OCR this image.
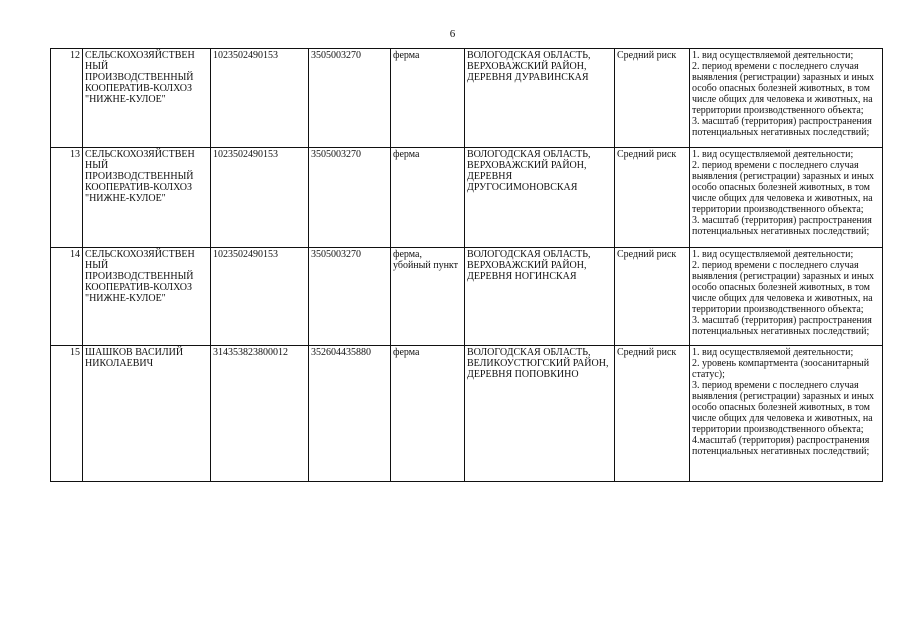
6
12	СЕЛЬСКОХОЗЯЙСТВЕН НЫЙ ПРОИЗВОДСТВЕННЫЙ КООПЕРАТИВ-КОЛХОЗ "НИЖНЕ-КУЛОЕ"	1023502490153	3505003270	ферма	ВОЛОГОДСКАЯ ОБЛАСТЬ, ВЕРХОВАЖСКИЙ РАЙОН, ДЕРЕВНЯ ДУРАВИНСКАЯ	Средний риск	1. вид осуществляемой деятельности;
2. период времени с последнего случая выявления (регистрации) заразных и иных особо опасных болезней животных, в том числе общих для человека и животных, на территории производственного объекта;
3. масштаб (территория) распространения потенциальных негативных последствий;

13	СЕЛЬСКОХОЗЯЙСТВЕН НЫЙ ПРОИЗВОДСТВЕННЫЙ КООПЕРАТИВ-КОЛХОЗ "НИЖНЕ-КУЛОЕ"	1023502490153	3505003270	ферма	ВОЛОГОДСКАЯ ОБЛАСТЬ, ВЕРХОВАЖСКИЙ РАЙОН, ДЕРЕВНЯ ДРУГОСИМОНОВСКАЯ	Средний риск	1. вид осуществляемой деятельности;
2. период времени с последнего случая выявления (регистрации) заразных и иных особо опасных болезней животных, в том числе общих для человека и животных, на территории производственного объекта;
3. масштаб (территория) распространения потенциальных негативных последствий;

14	СЕЛЬСКОХОЗЯЙСТВЕН НЫЙ ПРОИЗВОДСТВЕННЫЙ КООПЕРАТИВ-КОЛХОЗ "НИЖНЕ-КУЛОЕ"	1023502490153	3505003270	ферма, убойный пункт	ВОЛОГОДСКАЯ ОБЛАСТЬ, ВЕРХОВАЖСКИЙ РАЙОН, ДЕРЕВНЯ НОГИНСКАЯ	Средний риск	1. вид осуществляемой деятельности;
2. период времени с последнего случая выявления (регистрации) заразных и иных особо опасных болезней животных, в том числе общих для человека и животных, на территории производственного объекта;
3. масштаб (территория) распространения потенциальных негативных последствий;

15	ШАШКОВ ВАСИЛИЙ НИКОЛАЕВИЧ	314353823800012	352604435880	ферма	ВОЛОГОДСКАЯ ОБЛАСТЬ, ВЕЛИКОУСТЮГСКИЙ РАЙОН, ДЕРЕВНЯ ПОПОВКИНО	Средний риск	1. вид осуществляемой деятельности;
2. уровень компартмента (зоосанитарный статус);
3. период времени с последнего случая выявления (регистрации) заразных и иных особо опасных болезней животных, в том числе общих для человека и животных, на территории производственного объекта;
4.масштаб (территория) распространения потенциальных негативных последствий;
